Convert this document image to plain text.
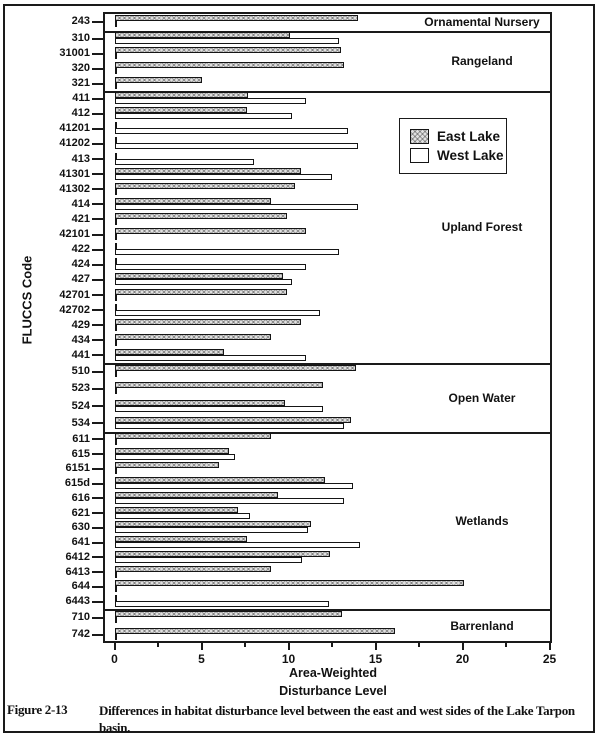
Ornamental Nursery
243
Rangeland
310
31001
320
321
Upland Forest
411
412
41201
41202
413
41301
41302
414
421
42101
422
424
427
42701
42702
429
434
441
Open Water
510
523
524
534
Wetlands
611
615
6151
615d
616
621
630
641
6412
6413
644
6443
Barrenland
710
742
0	5	10	15	20	25
FLUCCS Code
East Lake
West Lake
Area-Weighted
Disturbance Level
Figure 2-13 Differences in habitat disturbance level between the east and west sides of the Lake Tarpon basin.
